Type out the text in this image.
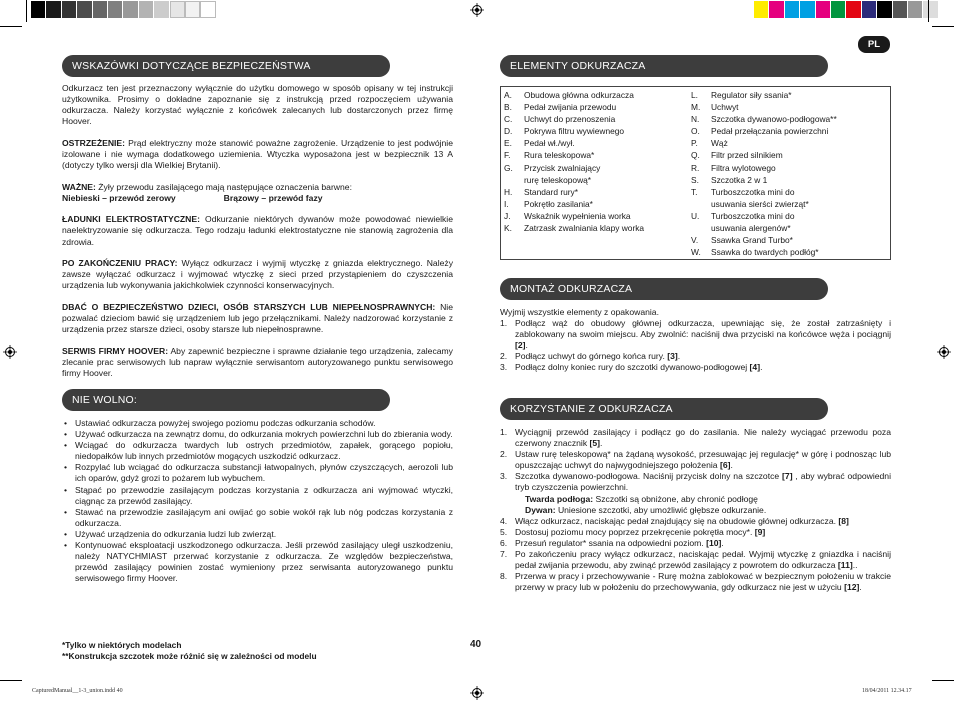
PL
WSKAZÓWKI DOTYCZĄCE BEZPIECZEŃSTWA

Odkurzacz ten jest przeznaczony wyłącznie do użytku domowego w sposób opisany w tej instrukcji użytkownika. Prosimy o dokładne zapoznanie się z instrukcją przed rozpoczęciem używania odkurzacza. Należy korzystać wyłącznie z końcówek zalecanych lub dostarczonych przez firmę Hoover.

OSTRZEŻENIE: Prąd elektryczny może stanowić poważne zagrożenie. Urządzenie to jest podwójnie izolowane i nie wymaga dodatkowego uziemienia. Wtyczka wyposażona jest w bezpiecznik 13 A (dotyczy tylko wersji dla Wielkiej Brytanii).

WAŻNE: Żyły przewodu zasilającego mają następujące oznaczenia barwne:
Niebieski – przewód zerowy	Brązowy – przewód fazy

ŁADUNKI ELEKTROSTATYCZNE: Odkurzanie niektórych dywanów może powodować niewielkie naelektryzowanie się odkurzacza. Tego rodzaju ładunki elektrostatyczne nie stanowią zagrożenia dla zdrowia.

PO ZAKOŃCZENIU PRACY: Wyłącz odkurzacz i wyjmij wtyczkę z gniazda elektrycznego. Należy zawsze wyłączać odkurzacz i wyjmować wtyczkę z sieci przed przystąpieniem do czyszczenia urządzenia lub wykonywania jakichkolwiek czynności konserwacyjnych.

DBAĆ O BEZPIECZEŃSTWO DZIECI, OSÓB STARSZYCH LUB NIEPEŁNOSPRAWNYCH: Nie pozwalać dzieciom bawić się urządzeniem lub jego przełącznikami. Należy nadzorować korzystanie z urządzenia przez starsze dzieci, osoby starsze lub niepełnosprawne.

SERWIS FIRMY HOOVER: Aby zapewnić bezpieczne i sprawne działanie tego urządzenia, zalecamy zlecanie prac serwisowych lub napraw wyłącznie serwisantom autoryzowanego punktu serwisowego firmy Hoover.

NIE WOLNO:
• Ustawiać odkurzacza powyżej swojego poziomu podczas odkurzania schodów.
• Używać odkurzacza na zewnątrz domu, do odkurzania mokrych powierzchni lub do zbierania wody.
• Wciągać do odkurzacza twardych lub ostrych przedmiotów, zapałek, gorącego popiołu, niedopałków lub innych przedmiotów mogących uszkodzić odkurzacz.
• Rozpylać lub wciągać do odkurzacza substancji łatwopalnych, płynów czyszczących, aerozoli lub ich oparów, gdyż grozi to pożarem lub wybuchem.
• Stąpać po przewodzie zasilającym podczas korzystania z odkurzacza ani wyjmować wtyczki, ciągnąc za przewód zasilający.
• Stawać na przewodzie zasilającym ani owijać go sobie wokół rąk lub nóg podczas korzystania z odkurzacza.
• Używać urządzenia do odkurzania ludzi lub zwierząt.
• Kontynuować eksploatacji uszkodzonego odkurzacza. Jeśli przewód zasilający uległ uszkodzeniu, należy NATYCHMIAST przerwać korzystanie z odkurzacza. Ze względów bezpieczeństwa, przewód zasilający powinien zostać wymieniony przez serwisanta autoryzowanego punktu serwisowego firmy Hoover.
*Tylko w niektórych modelach
**Konstrukcja szczotek może różnić się w zależności od modelu
40
ELEMENTY ODKURZACZA
A.	Obudowa główna odkurzacza
B.	Pedał zwijania przewodu
C.	Uchwyt do przenoszenia
D.	Pokrywa filtru wywiewnego
E.	Pedał wł./wył.
F.	Rura teleskopowa*
G.	Przycisk zwalniający
rurę teleskopową*
H.	Standard rury*
I.	Pokrętło zasilania*
J.	Wskaźnik wypełnienia worka
K.	Zatrzask zwalniania klapy worka
L.	Regulator siły ssania*
M.	Uchwyt
N.	Szczotka dywanowo-podłogowa**
O.	Pedał przełączania powierzchni
P.	Wąż
Q.	Filtr przed silnikiem
R.	Filtra wylotowego
S.	Szczotka 2 w 1
T.	Turboszczotka mini do
usuwania sierści zwierząt*
U.	Turboszczotka mini do
usuwania alergenów*
V.	Ssawka Grand Turbo*
W.	Ssawka do twardych podłóg*
MONTAŻ ODKURZACZA
Wyjmij wszystkie elementy z opakowania.
1. Podłącz wąż do obudowy głównej odkurzacza, upewniając się, że został zatrzaśnięty i zablokowany na swoim miejscu. Aby zwolnić: naciśnij dwa przyciski na końcówce węża i pociągnij [2].
2. Podłącz uchwyt do górnego końca rury. [3].
3. Podłącz dolny koniec rury do szczotki dywanowo-podłogowej [4].
KORZYSTANIE Z ODKURZACZA
1. Wyciągnij przewód zasilający i podłącz go do zasilania. Nie należy wyciągać przewodu poza czerwony znacznik [5].
2. Ustaw rurę teleskopową* na żądaną wysokość, przesuwając jej regulację* w górę i podnosząc lub opuszczając uchwyt do najwygodniejszego położenia [6].
3. Szczotka dywanowo-podłogowa. Naciśnij przycisk dolny na szczotce [7] , aby wybrać odpowiedni tryb czyszczenia powierzchni.
Twarda podłoga: Szczotki są obniżone, aby chronić podłogę
Dywan: Uniesione szczotki, aby umożliwić głębsze odkurzanie.
4. Włącz odkurzacz, naciskając pedał znajdujący się na obudowie głównej odkurzacza. [8]
5. Dostosuj poziomu mocy poprzez przekręcenie pokrętła mocy*. [9]
6. Przesuń regulator* ssania na odpowiedni poziom. [10].
7. Po zakończeniu pracy wyłącz odkurzacz, naciskając pedał. Wyjmij wtyczkę z gniazdka i naciśnij pedał zwijania przewodu, aby zwinąć przewód zasilający z powrotem do odkurzacza [11]..
8. Przerwa w pracy i przechowywanie - Rurę można zablokować w bezpiecznym położeniu w trakcie przerwy w pracy lub w położeniu do przechowywania, gdy odkurzacz nie jest w użyciu [12].
CapturedManual__1-3_union.indd 40	18/04/2011 12.34.17
